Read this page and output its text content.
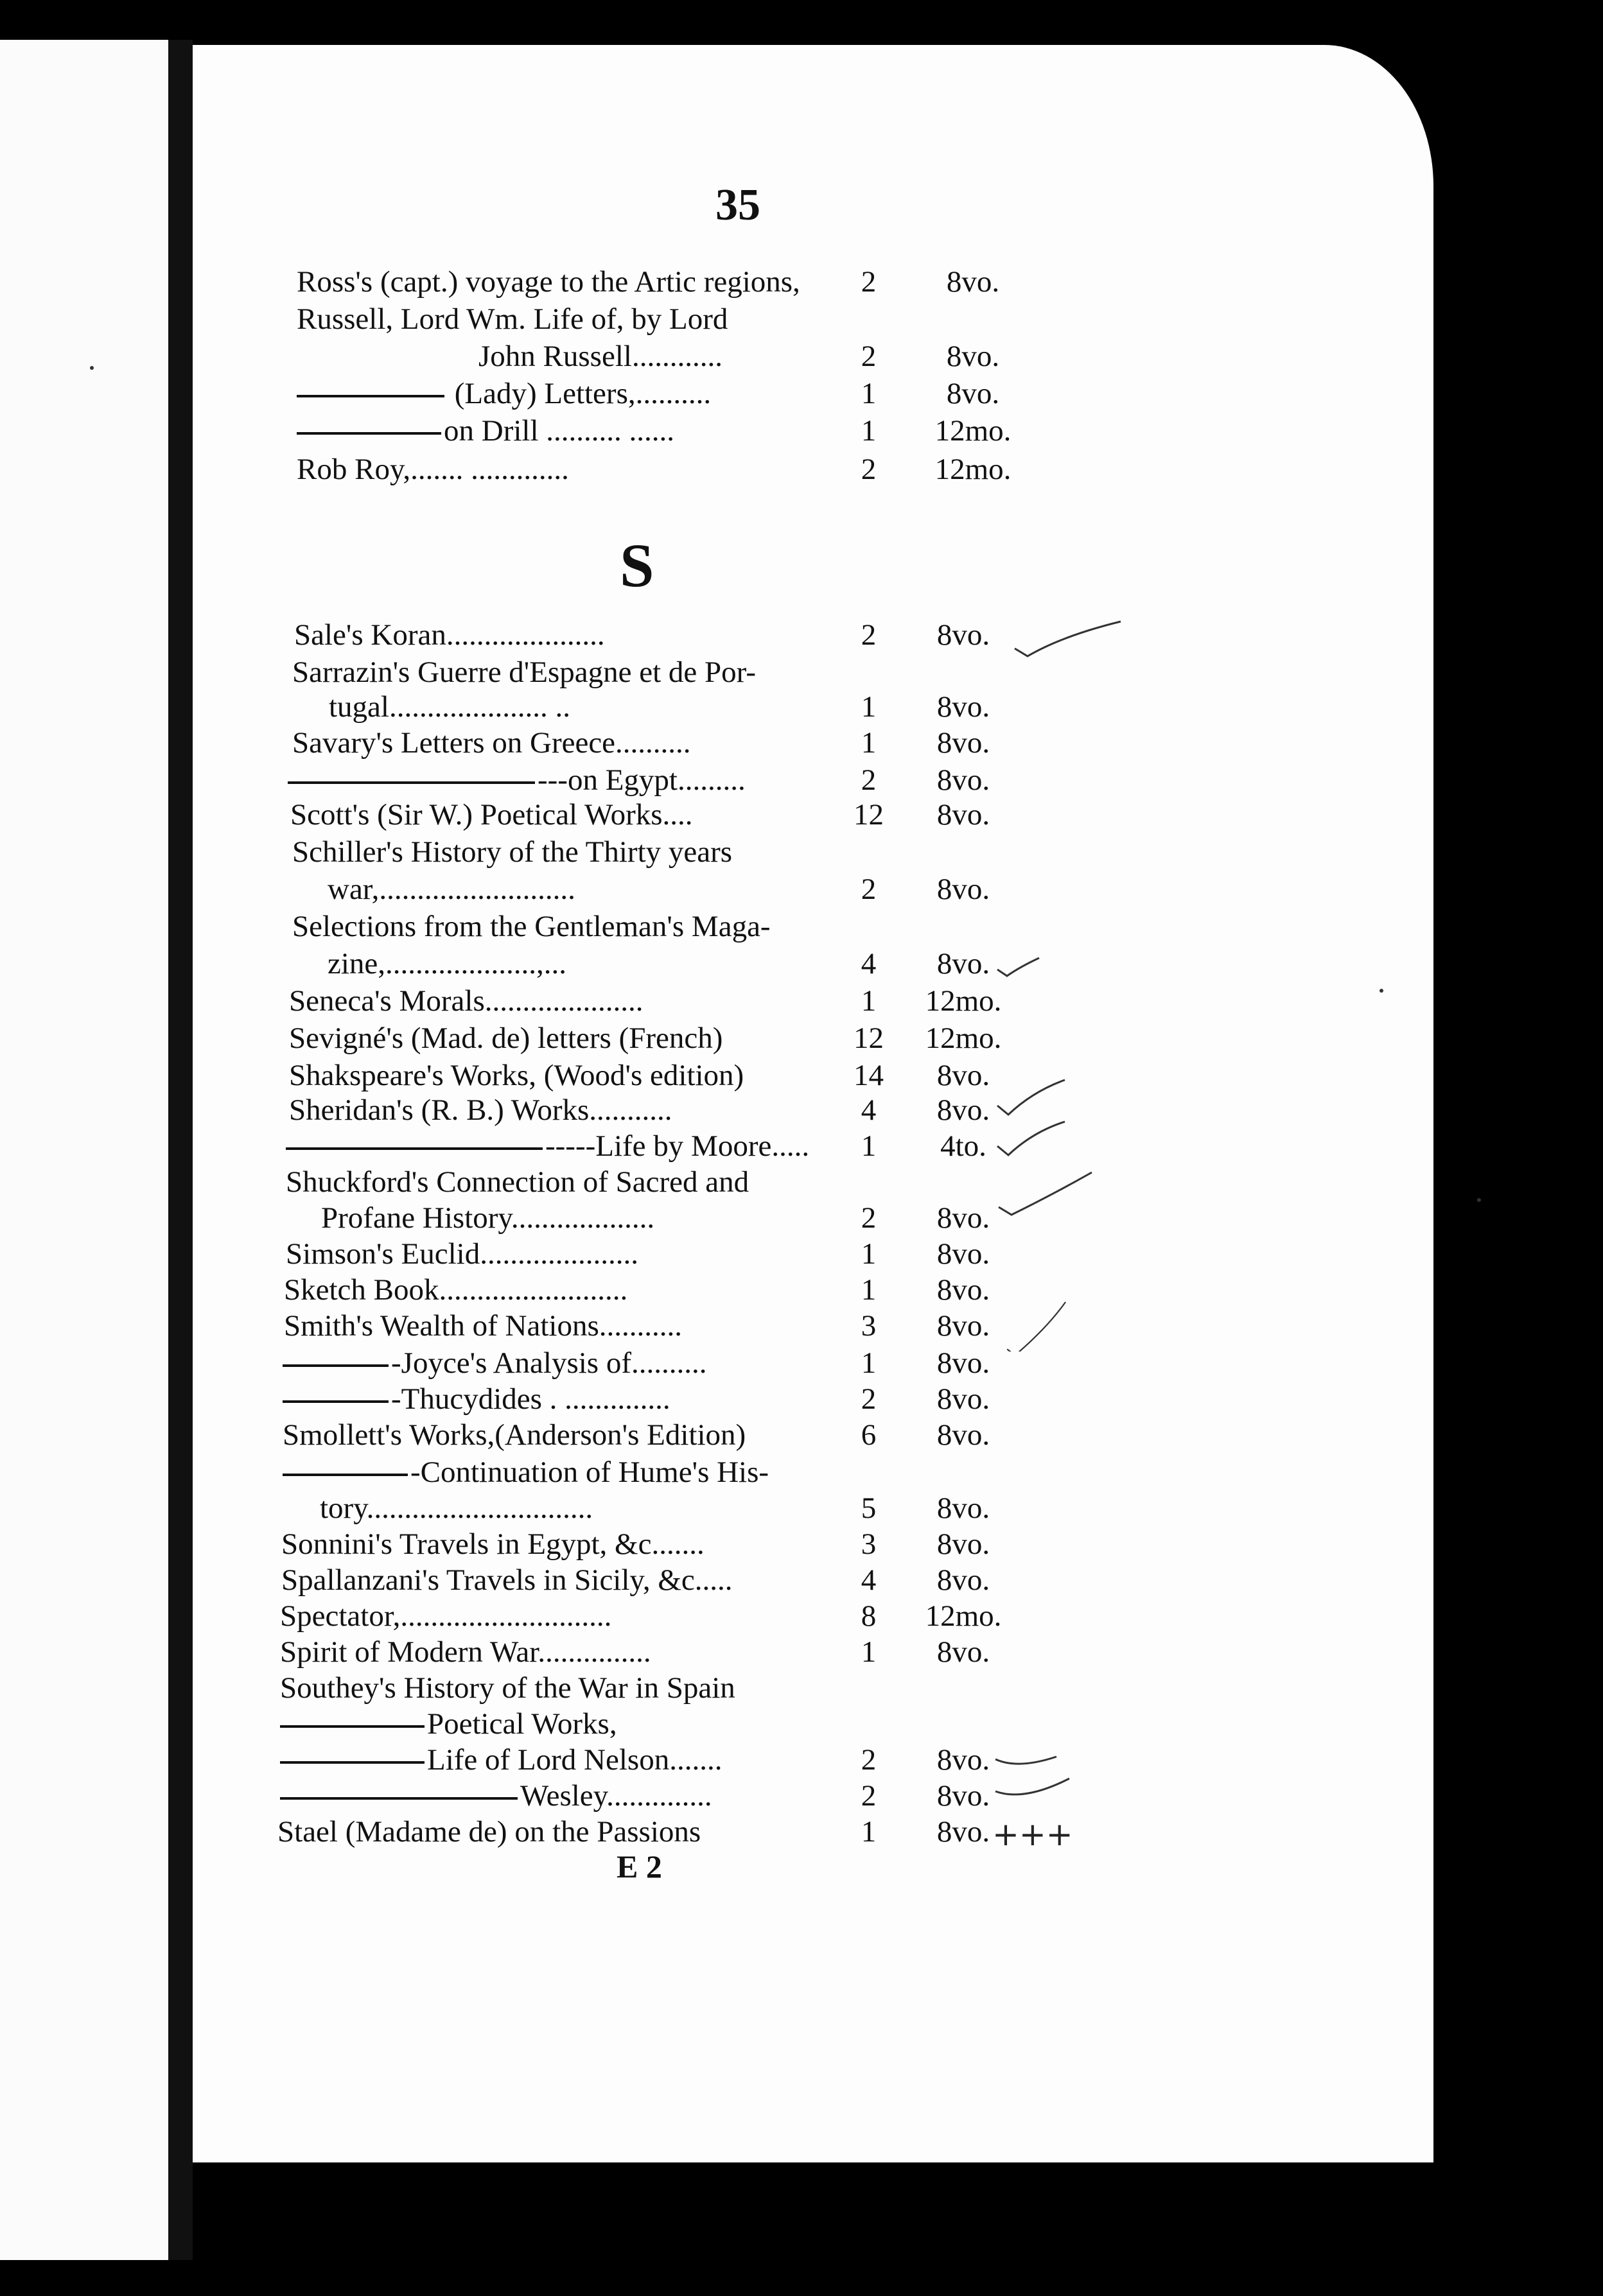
35
Ross's (capt.) voyage to the Artic regions,	2	8vo.
Russell, Lord Wm. Life of, by Lord
John Russell............	2	8vo.
(Lady) Letters,..........	1	8vo.
on Drill .......... ......	1	12mo.
Rob Roy,....... .............	2	12mo.
S
Sale's Koran.....................	2	8vo.
Sarrazin's Guerre d'Espagne et de Por-
tugal..................... ..	1	8vo.
Savary's Letters on Greece..........	1	8vo.
---on Egypt.........	2	8vo.
Scott's (Sir W.) Poetical Works....	12	8vo.
Schiller's History of the Thirty years
war,..........................	2	8vo.
Selections from the Gentleman's Maga-
zine,....................,...	4	8vo.
Seneca's Morals.....................	1	12mo.
Sevigné's (Mad. de) letters (French)	12	12mo.
Shakspeare's Works, (Wood's edition)	14	8vo.
Sheridan's (R. B.) Works...........	4	8vo.
-----Life by Moore.....	1	4to.
Shuckford's Connection of Sacred and
Profane History...................	2	8vo.
Simson's Euclid.....................	1	8vo.
Sketch Book.........................	1	8vo.
Smith's Wealth of Nations...........	3	8vo.
-Joyce's Analysis of..........	1	8vo.
-Thucydides . ..............	2	8vo.
Smollett's Works,(Anderson's Edition)	6	8vo.
-Continuation of Hume's His-
tory..............................	5	8vo.
Sonnini's Travels in Egypt, &c.......	3	8vo.
Spallanzani's Travels in Sicily, &c.....	4	8vo.
Spectator,............................	8	12mo.
Spirit of Modern War...............	1	8vo.
Southey's History of the War in Spain
Poetical Works,
Life of Lord Nelson.......	2	8vo.
Wesley..............	2	8vo.
Stael (Madame de) on the Passions	1	8vo.
E 2
+++
